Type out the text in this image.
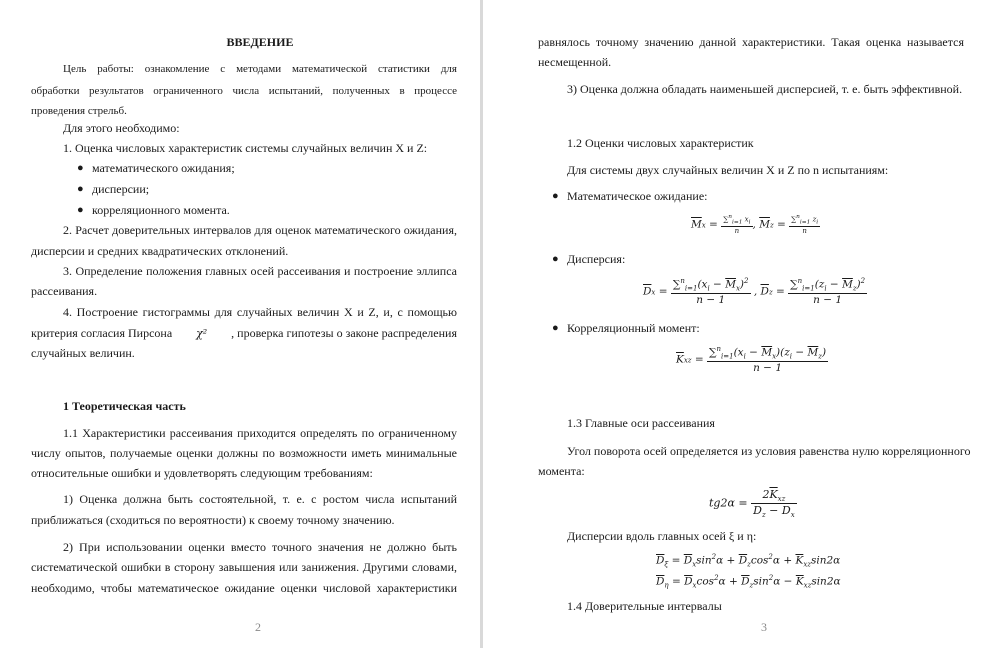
ВВЕДЕНИЕ
Цель работы: ознакомление с методами математической статистики для
обработки результатов ограниченного числа испытаний, полученных в процессе
проведения стрельб.
Для этого необходимо:
1. Оценка числовых характеристик системы случайных величин X и Z:
● математического ожидания;
● дисперсии;
● корреляционного момента.
2. Расчет доверительных интервалов для оценок математического ожидания,
дисперсии и средних квадратических отклонений.
3. Определение положения главных осей рассеивания и построение эллипса
рассеивания.
4. Построение гистограммы для случайных величин X и Z, и, с помощью
критерия согласия Пирсона χ² , проверка гипотезы о законе распределения
случайных величин.
1 Теоретическая часть
1.1 Характеристики рассеивания приходится определять по ограниченному
числу опытов, получаемые оценки должны по возможности иметь минимальные
относительные ошибки и удовлетворять следующим требованиям:
1) Оценка должна быть состоятельной, т. е. с ростом числа испытаний
приближаться (сходиться по вероятности) к своему точному значению.
2) При использовании оценки вместо точного значения не должно быть
систематической ошибки в сторону завышения или занижения. Другими словами,
необходимо, чтобы математическое ожидание оценки числовой характеристики
2
равнялось точному значению данной характеристики. Такая оценка называется
несмещенной.
3) Оценка должна обладать наименьшей дисперсией, т. е. быть эффективной.
1.2 Оценки числовых характеристик
Для системы двух случайных величин X и Z по n испытаниям:
● Математическое ожидание:
$\overline{M}x = \frac{\sum^n_{i=1} x_i}{n}$ , $\overline{M}z = \frac{\sum^n_{i=1} z_i}{n}$
● Дисперсия:
$\overline{D}x = \frac{\sum^n_{i=1}(x_i - \overline{M}_x)^2}{n - 1}$ , $\overline{D}z = \frac{\sum^n_{i=1}(z_i - \overline{M}_z)^2}{n - 1}$
● Корреляционный момент:
$\overline{K}xz = \frac{\sum^n_{i=1}(x_i - \overline{M}_x)(z_i - \overline{M}_z)}{n - 1}$
1.3 Главные оси рассеивания
Угол поворота осей определяется из условия равенства нулю корреляционного
момента:
$tg2\alpha = \frac{2\overline{K}_{xz}}{\overline{D}_z - \overline{D}_x}$
Дисперсии вдоль главных осей ξ и η:
$\overline{D}_\xi = \overline{D}_x\sin^2\alpha + \overline{D}_z\cos^2\alpha + \overline{K}_{xz}\sin 2\alpha$
$\overline{D}_\eta = \overline{D}_x\cos^2\alpha + \overline{D}_z\sin^2\alpha - \overline{K}_{xz}\sin 2\alpha$
1.4 Доверительные интервалы
3
